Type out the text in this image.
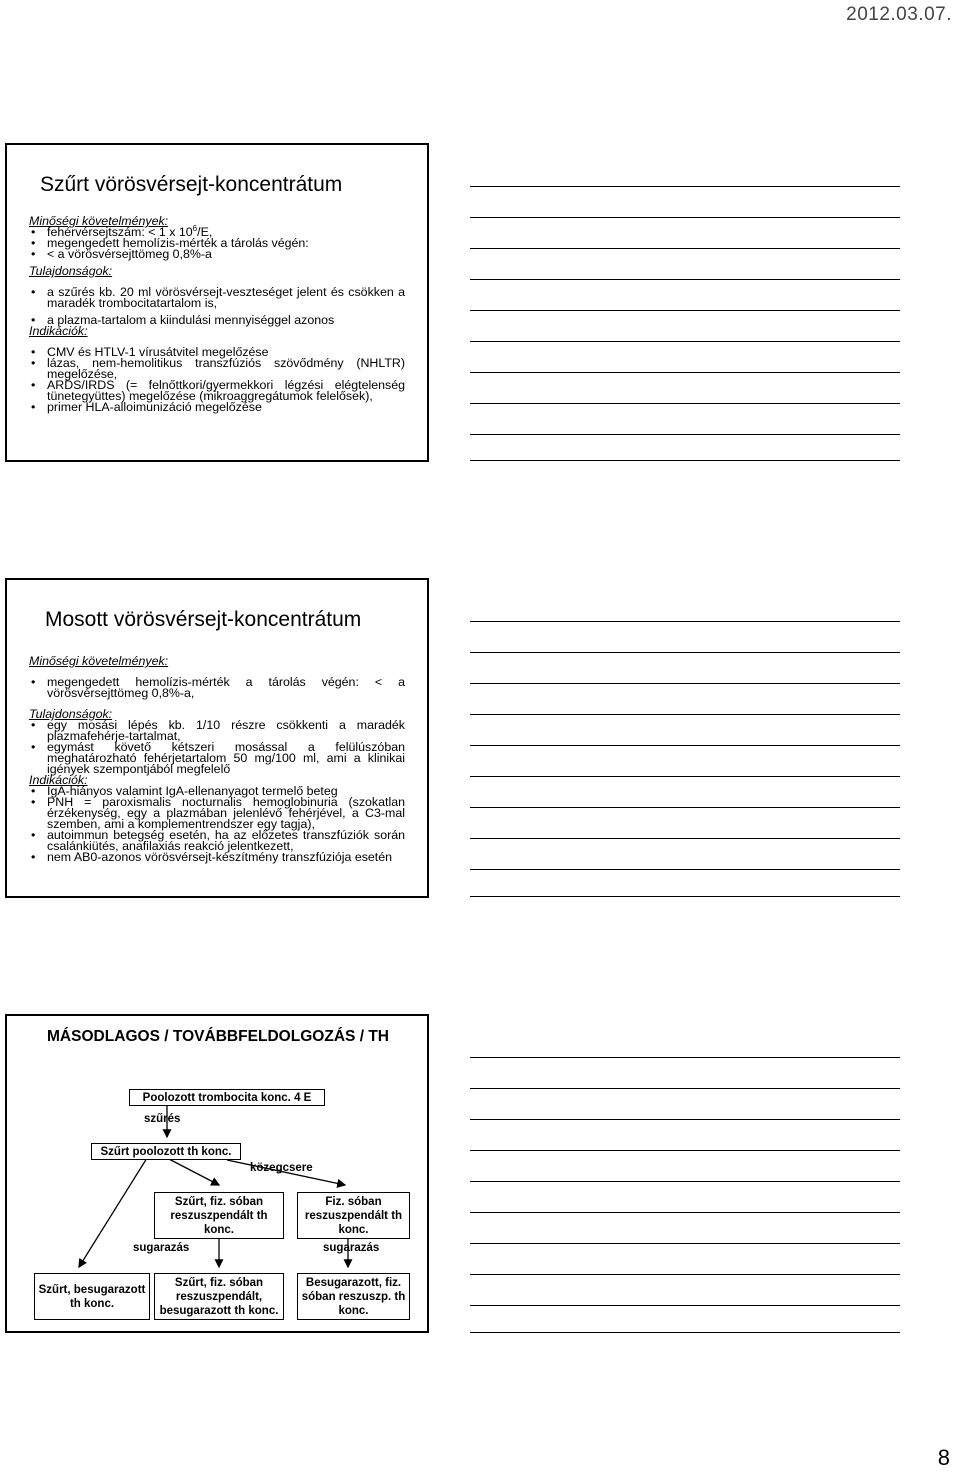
2012.03.07.
Szűrt vörösvérsejt-koncentrátum

Minőségi követelmények:

• fehérvérsejtszám: < 1 x $10^6/E$,

• megengedett hemolízis-mérték a tárolás végén:

• < a vörösvérsejttömeg 0,8%-a

Tulajdonságok:

• a szűrés kb. 20 ml vörösvérsejt-veszteséget jelent és csökken a maradék trombocitatartalom is,

• a plazma-tartalom a kiindulási mennyiséggel azonos

Indikációk:

• CMV és HTLV-1 vírusátvitel megelőzése

• lázas, nem-hemolitikus transzfúziós szövődmény (NHLTR) megelőzése,

• ARDS/IRDS (= felnőttkori/gyermekkori légzési elégtelenség tünetegyüttes) megelőzése (mikroaggregátumok felelősek),

• primer HLA-alloimunizáció megelőzése

Mosott vörösvérsejt-koncentrátum

Minőségi követelmények:

• megengedett hemolízis-mérték a tárolás végén: < a vörösvérsejttömeg 0,8%-a,

Tulajdonságok:

• egy mosási lépés kb. 1/10 részre csökkenti a maradék plazmafehérje-tartalmat,

• egymást követő kétszeri mosással a felülúszóban meghatározható fehérjetartalom 50 mg/100 ml, ami a klinikai igények szempontjából megfelelő

Indikációk:

• IgA-hiányos valamint IgA-ellenanyagot termelő beteg

• PNH = paroxismalis nocturnalis hemoglobinuria (szokatlan érzékenység, egy a plazmában jelenlévő fehérjével, a C3-mal szemben, ami a komplementrendszer egy tagja),

• autoimmun betegség esetén, ha az előzetes transzfúziók során csalánkiütés, anafilaxiás reakció jelentkezett,

• nem AB0-azonos vörösvérsejt-készítmény transzfúziója esetén

MÁSODLAGOS / TOVÁBBFELDOLGOZÁS / TH
Poolozott trombocita konc. 4 E
szűrés
Szűrt poolozott th konc.
közegcsere
Szűrt, fiz. sóban reszuszpendált th konc.
Fiz. sóban reszuszpendált th konc.
sugarazás	sugarazás
Szűrt, besugarazott th konc.
Szűrt, fiz. sóban reszuszpendált, besugarazott th konc.
Besugarazott, fiz. sóban reszuszp. th konc.
8
